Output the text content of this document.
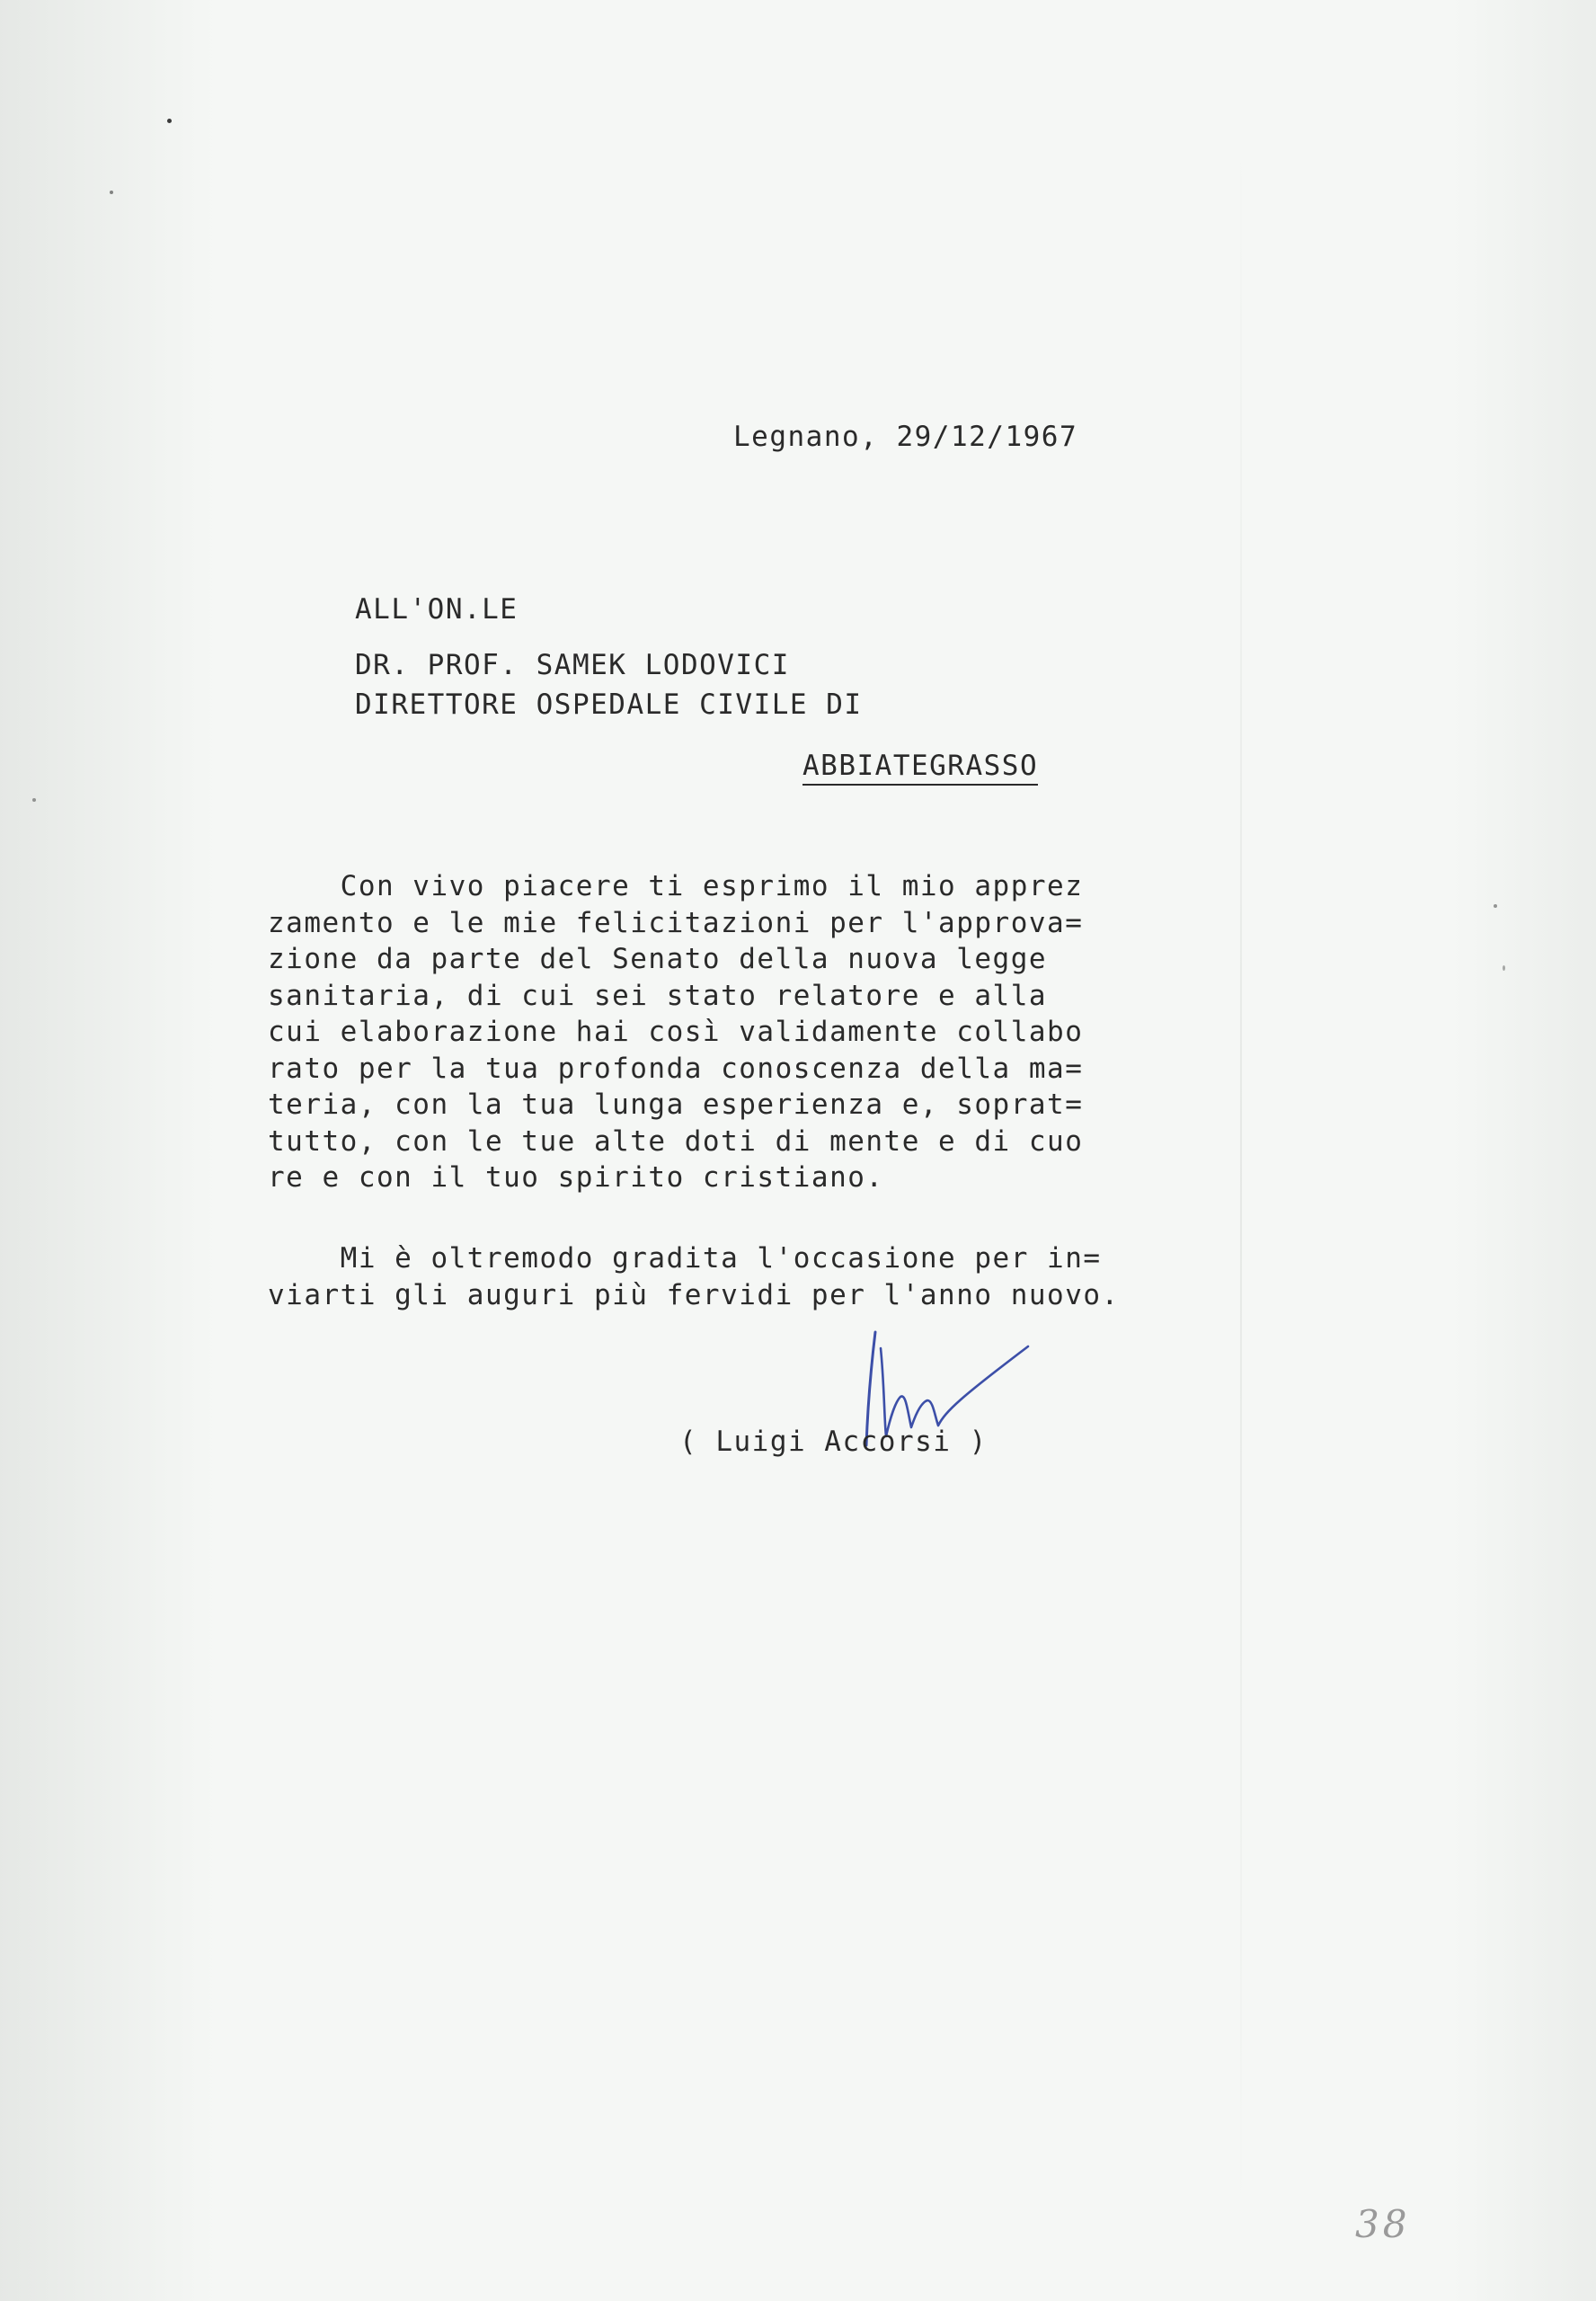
Legnano, 29/12/1967

ALL'ON.LE

DR. PROF. SAMEK LODOVICI

DIRETTORE OSPEDALE CIVILE DI

ABBIATEGRASSO

Con vivo piacere ti esprimo il mio apprez
zamento e le mie felicitazioni per l'approva=
zione da parte del Senato della nuova legge
sanitaria, di cui sei stato relatore e alla
cui elaborazione hai così validamente collabo
rato per la tua profonda conoscenza della ma=
teria, con la tua lunga esperienza e, soprat=
tutto, con le tue alte doti di mente e di cuo
re e con il tuo spirito cristiano.
Mi è oltremodo gradita l'occasione per in=
viarti gli auguri più fervidi per l'anno nuovo.

( Luigi Accorsi )

38
